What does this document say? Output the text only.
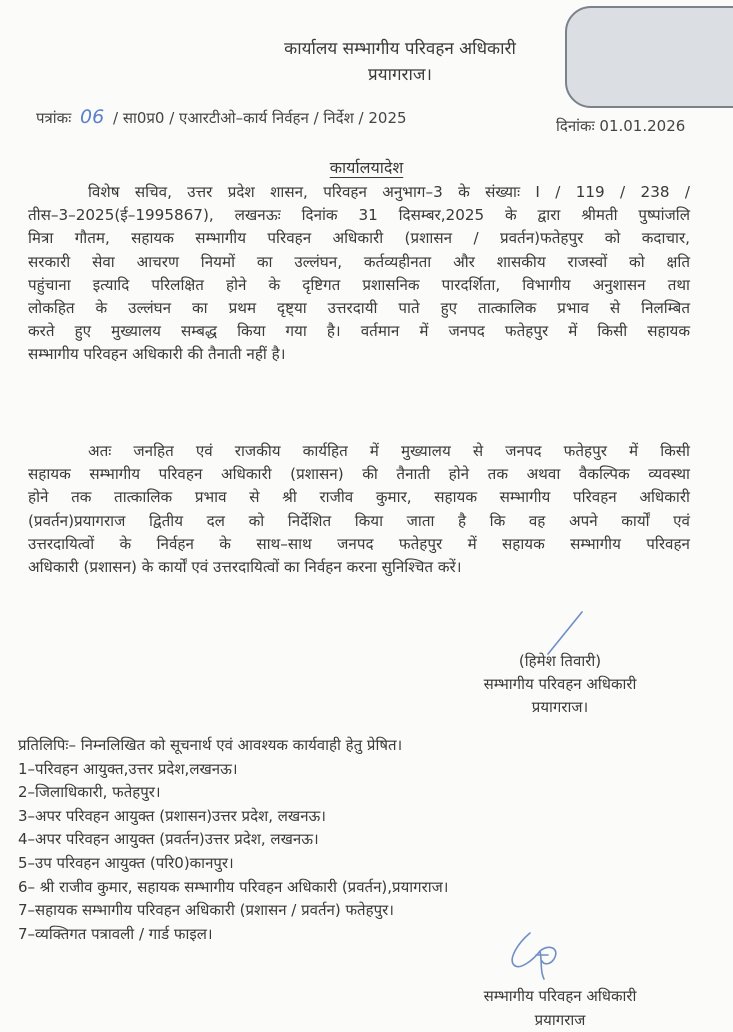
कार्यालय सम्भागीय परिवहन अधिकारी
प्रयागराज।
पत्रांकः 06 / सा0प्र0 / एआरटीओ–कार्य निर्वहन / निर्देश / 2025	दिनांकः 01.01.2026
कार्यालयादेश
विशेष सचिव, उत्तर प्रदेश शासन, परिवहन अनुभाग–3 के संख्याः I / 119 / 238 /
तीस–3–2025(ई–1995867), लखनऊः दिनांक 31 दिसम्बर,2025 के द्वारा श्रीमती पुष्पांजलि
मित्रा गौतम, सहायक सम्भागीय परिवहन अधिकारी (प्रशासन / प्रवर्तन)फतेहपुर को कदाचार,
सरकारी सेवा आचरण नियमों का उल्लंघन, कर्तव्यहीनता और शासकीय राजस्वों को क्षति
पहुंचाना इत्यादि परिलक्षित होने के दृष्टिगत प्रशासनिक पारदर्शिता, विभागीय अनुशासन तथा
लोकहित के उल्लंघन का प्रथम दृष्ट्या उत्तरदायी पाते हुए तात्कालिक प्रभाव से निलम्बित
करते हुए मुख्यालय सम्बद्ध किया गया है। वर्तमान में जनपद फतेहपुर में किसी सहायक
सम्भागीय परिवहन अधिकारी की तैनाती नहीं है।
अतः जनहित एवं राजकीय कार्यहित में मुख्यालय से जनपद फतेहपुर में किसी
सहायक सम्भागीय परिवहन अधिकारी (प्रशासन) की तैनाती होने तक अथवा वैकल्पिक व्यवस्था
होने तक तात्कालिक प्रभाव से श्री राजीव कुमार, सहायक सम्भागीय परिवहन अधिकारी
(प्रवर्तन)प्रयागराज द्वितीय दल को निर्देशित किया जाता है कि वह अपने कार्यों एवं
उत्तरदायित्वों के निर्वहन के साथ–साथ जनपद फतेहपुर में सहायक सम्भागीय परिवहन
अधिकारी (प्रशासन) के कार्यों एवं उत्तरदायित्वों का निर्वहन करना सुनिश्चित करें।
(हिमेश तिवारी)
सम्भागीय परिवहन अधिकारी
प्रयागराज।
प्रतिलिपिः– निम्नलिखित को सूचनार्थ एवं आवश्यक कार्यवाही हेतु प्रेषित।
1–परिवहन आयुक्त,उत्तर प्रदेश,लखनऊ।
2–जिलाधिकारी, फतेहपुर।
3–अपर परिवहन आयुक्त (प्रशासन)उत्तर प्रदेश, लखनऊ।
4–अपर परिवहन आयुक्त (प्रवर्तन)उत्तर प्रदेश, लखनऊ।
5–उप परिवहन आयुक्त (परि0)कानपुर।
6– श्री राजीव कुमार, सहायक सम्भागीय परिवहन अधिकारी (प्रवर्तन),प्रयागराज।
7–सहायक सम्भागीय परिवहन अधिकारी (प्रशासन / प्रवर्तन) फतेहपुर।
7–व्यक्तिगत पत्रावली / गार्ड फाइल।
सम्भागीय परिवहन अधिकारी
प्रयागराज
